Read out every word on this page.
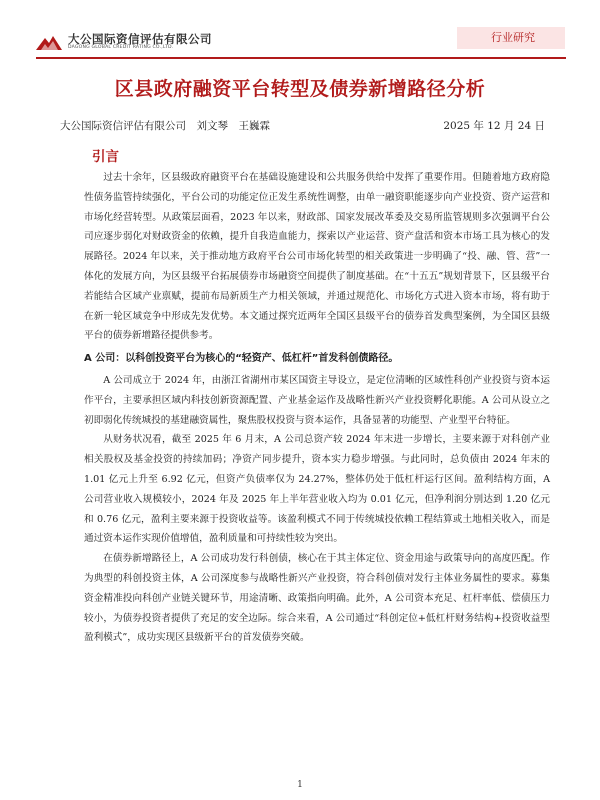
大公国际资信评估有限公司
DAGONG GLOBAL CREDIT RATING CO.,LTD.
行业研究
区县政府融资平台转型及债券新增路径分析
大公国际资信评估有限公司　刘文琴　王巍霖	2025 年 12 月 24 日
引言

过去十余年，区县级政府融资平台在基础设施建设和公共服务供给中发挥了重要作用。但随着地方政府隐性债务监管持续强化，平台公司的功能定位正发生系统性调整，由单一融资职能逐步向产业投资、资产运营和市场化经营转型。从政策层面看，2023 年以来，财政部、国家发展改革委及交易所监管规则多次强调平台公司应逐步弱化对财政资金的依赖，提升自我造血能力，探索以产业运营、资产盘活和资本市场工具为核心的发展路径。2024 年以来，关于推动地方政府平台公司市场化转型的相关政策进一步明确了“投、融、管、营”一体化的发展方向，为区县级平台拓展债券市场融资空间提供了制度基础。在“十五五”规划背景下，区县级平台若能结合区域产业禀赋，提前布局新质生产力相关领域，并通过规范化、市场化方式进入资本市场，将有助于在新一轮区域竞争中形成先发优势。本文通过探究近两年全国区县级平台的债券首发典型案例，为全国区县级平台的债券新增路径提供参考。

A 公司：以科创投资平台为核心的“轻资产、低杠杆”首发科创债路径。

A 公司成立于 2024 年，由浙江省湖州市某区国资主导设立，是定位清晰的区域性科创产业投资与资本运作平台，主要承担区域内科技创新资源配置、产业基金运作及战略性新兴产业投资孵化职能。A 公司从设立之初即弱化传统城投的基建融资属性，聚焦股权投资与资本运作，具备显著的功能型、产业型平台特征。

从财务状况看，截至 2025 年 6 月末，A 公司总资产较 2024 年末进一步增长，主要来源于对科创产业相关股权及基金投资的持续加码；净资产同步提升，资本实力稳步增强。与此同时，总负债由 2024 年末的 1.01 亿元上升至 6.92 亿元，但资产负债率仅为 24.27%，整体仍处于低杠杆运行区间。盈利结构方面，A 公司营业收入规模较小，2024 年及 2025 年上半年营业收入均为 0.01 亿元，但净利润分别达到 1.20 亿元和 0.76 亿元，盈利主要来源于投资收益等。该盈利模式不同于传统城投依赖工程结算或土地相关收入，而是通过资本运作实现价值增值，盈利质量和可持续性较为突出。

在债券新增路径上，A 公司成功发行科创债，核心在于其主体定位、资金用途与政策导向的高度匹配。作为典型的科创投资主体，A 公司深度参与战略性新兴产业投资，符合科创债对发行主体业务属性的要求。募集资金精准投向科创产业链关键环节，用途清晰、政策指向明确。此外，A 公司资本充足、杠杆率低、偿债压力较小，为债券投资者提供了充足的安全边际。综合来看，A 公司通过“科创定位+低杠杆财务结构+投资收益型盈利模式”，成功实现区县级新平台的首发债券突破。

1
